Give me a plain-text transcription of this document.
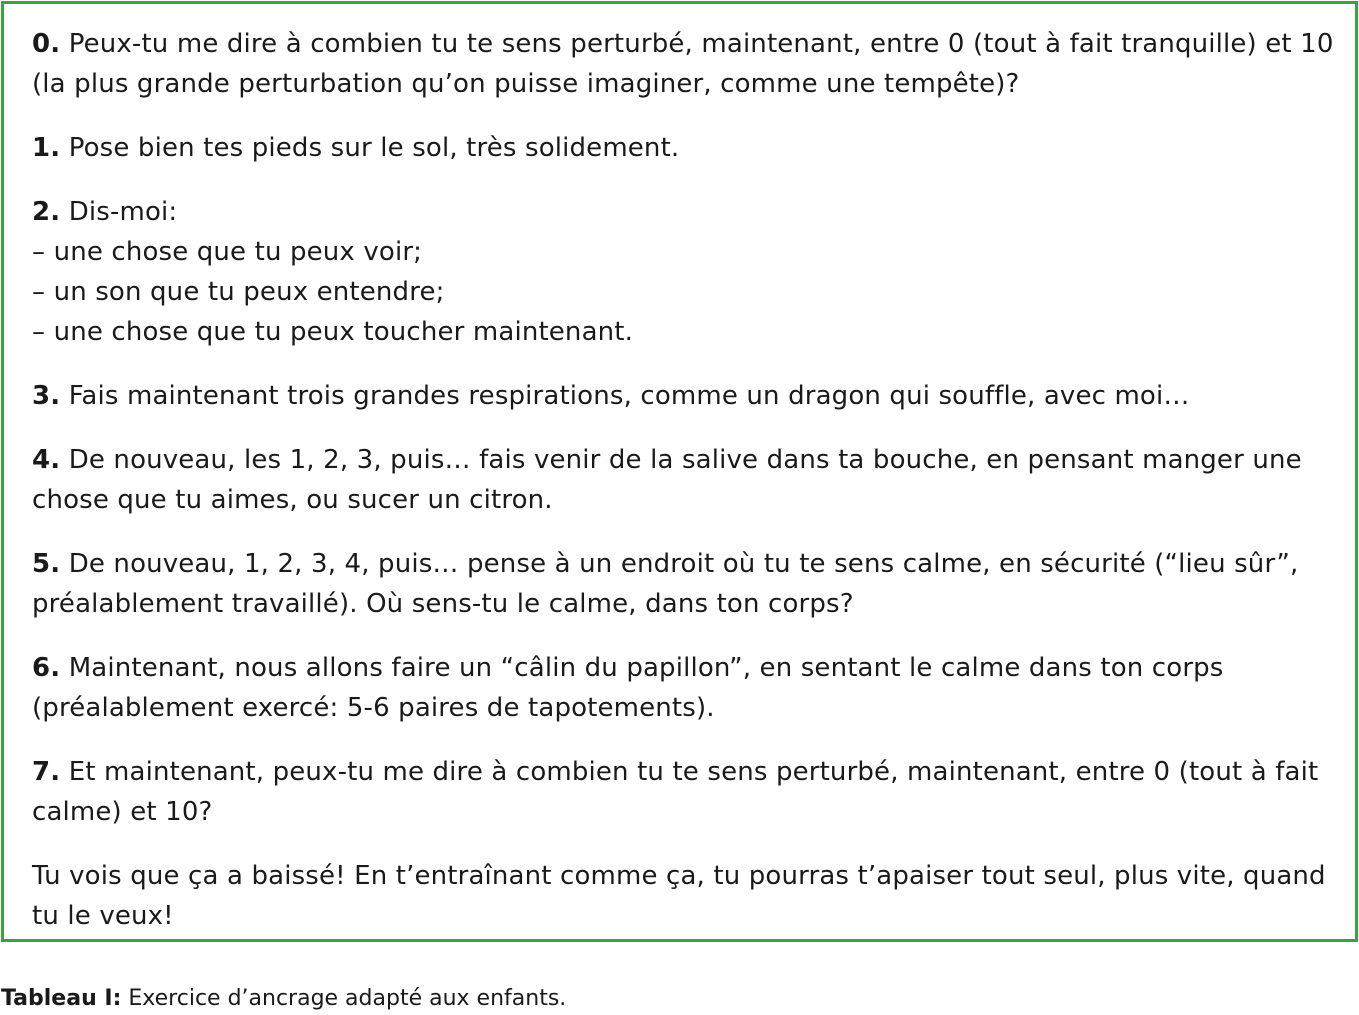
0. Peux-tu me dire à combien tu te sens perturbé, maintenant, entre 0 (tout à fait tranquille) et 10 (la plus grande perturbation qu’on puisse imaginer, comme une tempête)?

1. Pose bien tes pieds sur le sol, très solidement.

2. Dis-moi:
– une chose que tu peux voir;
– un son que tu peux entendre;
– une chose que tu peux toucher maintenant.

3. Fais maintenant trois grandes respirations, comme un dragon qui souffle, avec moi…

4. De nouveau, les 1, 2, 3, puis… fais venir de la salive dans ta bouche, en pensant manger une chose que tu aimes, ou sucer un citron.

5. De nouveau, 1, 2, 3, 4, puis… pense à un endroit où tu te sens calme, en sécurité (“lieu sûr”, préalablement travaillé). Où sens-tu le calme, dans ton corps?

6. Maintenant, nous allons faire un “câlin du papillon”, en sentant le calme dans ton corps (préalablement exercé: 5-6 paires de tapotements).

7. Et maintenant, peux-tu me dire à combien tu te sens perturbé, maintenant, entre 0 (tout à fait calme) et 10?

Tu vois que ça a baissé! En t’entraînant comme ça, tu pourras t’apaiser tout seul, plus vite, quand tu le veux!

Tableau I: Exercice d’ancrage adapté aux enfants.
